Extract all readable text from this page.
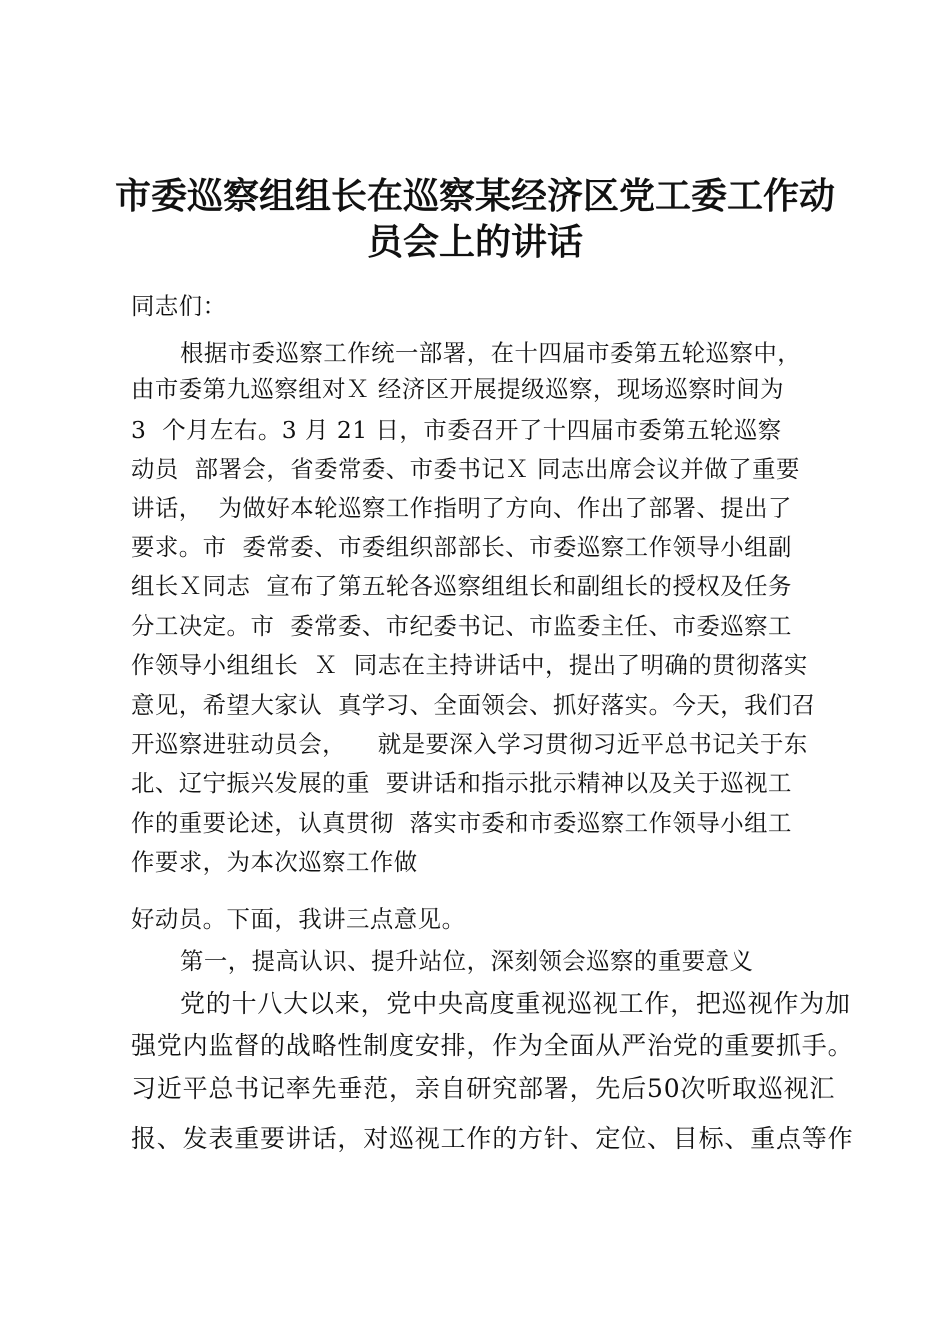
市委巡察组组长在巡察某经济区党工委工作动
员会上的讲话
同志们：
根据市委巡察工作统一部署，在十四届市委第五轮巡察中，
由市委第九巡察组对Ｘ 经济区开展提级巡察，现场巡察时间为
3  个月左右。3 月 21 日，市委召开了十四届市委第五轮巡察
动员  部署会，省委常委、市委书记Ｘ 同志出席会议并做了重要
讲话，  为做好本轮巡察工作指明了方向、作出了部署、提出了
要求。市  委常委、市委组织部部长、市委巡察工作领导小组副
组长Ｘ同志  宣布了第五轮各巡察组组长和副组长的授权及任务
分工决定。市  委常委、市纪委书记、市监委主任、市委巡察工
作领导小组组长  Ｘ  同志在主持讲话中，提出了明确的贯彻落实
意见，希望大家认  真学习、全面领会、抓好落实。今天，我们召
开巡察进驻动员会，    就是要深入学习贯彻习近平总书记关于东
北、辽宁振兴发展的重  要讲话和指示批示精神以及关于巡视工
作的重要论述，认真贯彻  落实市委和市委巡察工作领导小组工
作要求，为本次巡察工作做
好动员。下面，我讲三点意见。
第一，提高认识、提升站位，深刻领会巡察的重要意义
党的十八大以来，党中央高度重视巡视工作，把巡视作为加
强党内监督的战略性制度安排，作为全面从严治党的重要抓手。
习近平总书记率先垂范，亲自研究部署，先后50次听取巡视汇
报、发表重要讲话，对巡视工作的方针、定位、目标、重点等作
